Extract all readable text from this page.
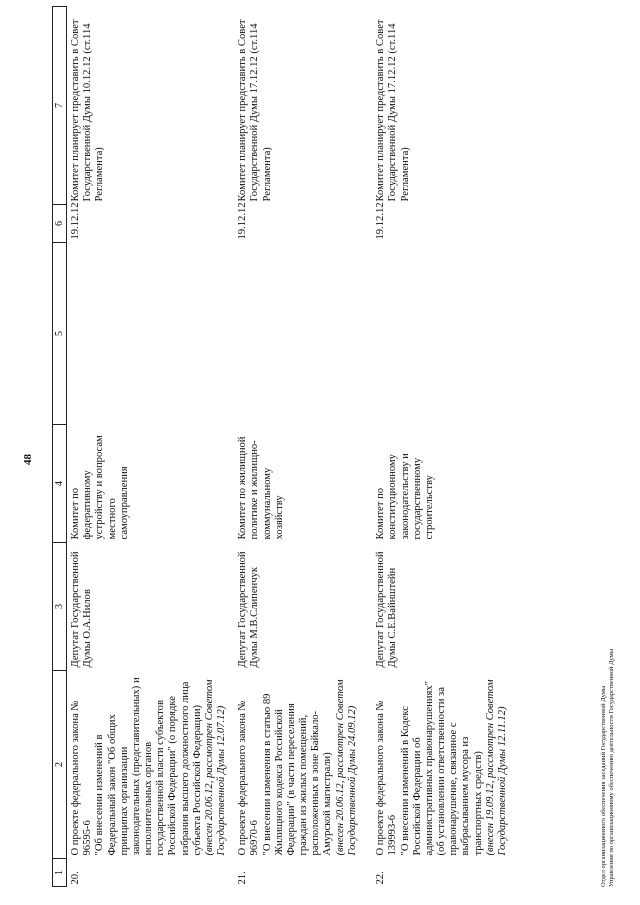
48
1	2	3	4	5	6	7
20.	О проекте федерального закона № 96595-6 "Об внесении изменений в Федеральный закон "Об общих принципах организации законодательных (представительных) и исполнительных органов государственной власти субъектов Российской Федерации" (о порядке избрания высшего должностного лица субъекта Российской Федерации) (внесен 20.06.12, рассмотрен Советом Государственной Думы 12.07.12)	Депутат Государственной Думы О.А.Нилов	Комитет по федеративному устройству и вопросам местного самоуправления		19.12.12	Комитет планирует представить в Совет Государственной Думы 10.12.12 (ст.114 Регламента)
21.	О проекте федерального закона № 96970-6 "О внесении изменения в статью 89 Жилищного кодекса Российской Федерации" (в части переселения граждан из жилых помещений, расположенных в зоне Байкало-Амурской магистрали) (внесен 20.06.12, рассмотрен Советом Государственной Думы 24.09.12)	Депутат Государственной Думы М.В.Слипенчук	Комитет по жилищной политике и жилищно-коммунальному хозяйству		19.12.12	Комитет планирует представить в Совет Государственной Думы 17.12.12 (ст.114 Регламента)
22.	О проекте федерального закона № 139993-6 "О внесении изменений в Кодекс Российской Федерации об административных правонарушениях" (об установлении ответственности за правонарушение, связанное с выбрасыванием мусора из транспортных средств) (внесен 19.09.12, рассмотрен Советом Государственной Думы 12.11.12)	Депутат Государственной Думы С.Е.Вайнштейн	Комитет по конституционному законодательству и государственному строительству		19.12.12	Комитет планирует представить в Совет Государственной Думы 17.12.12 (ст.114 Регламента)
Отдел организационного обеспечения заседаний Государственной Думы Управления по организационному обеспечению деятельности Государственной Думы
